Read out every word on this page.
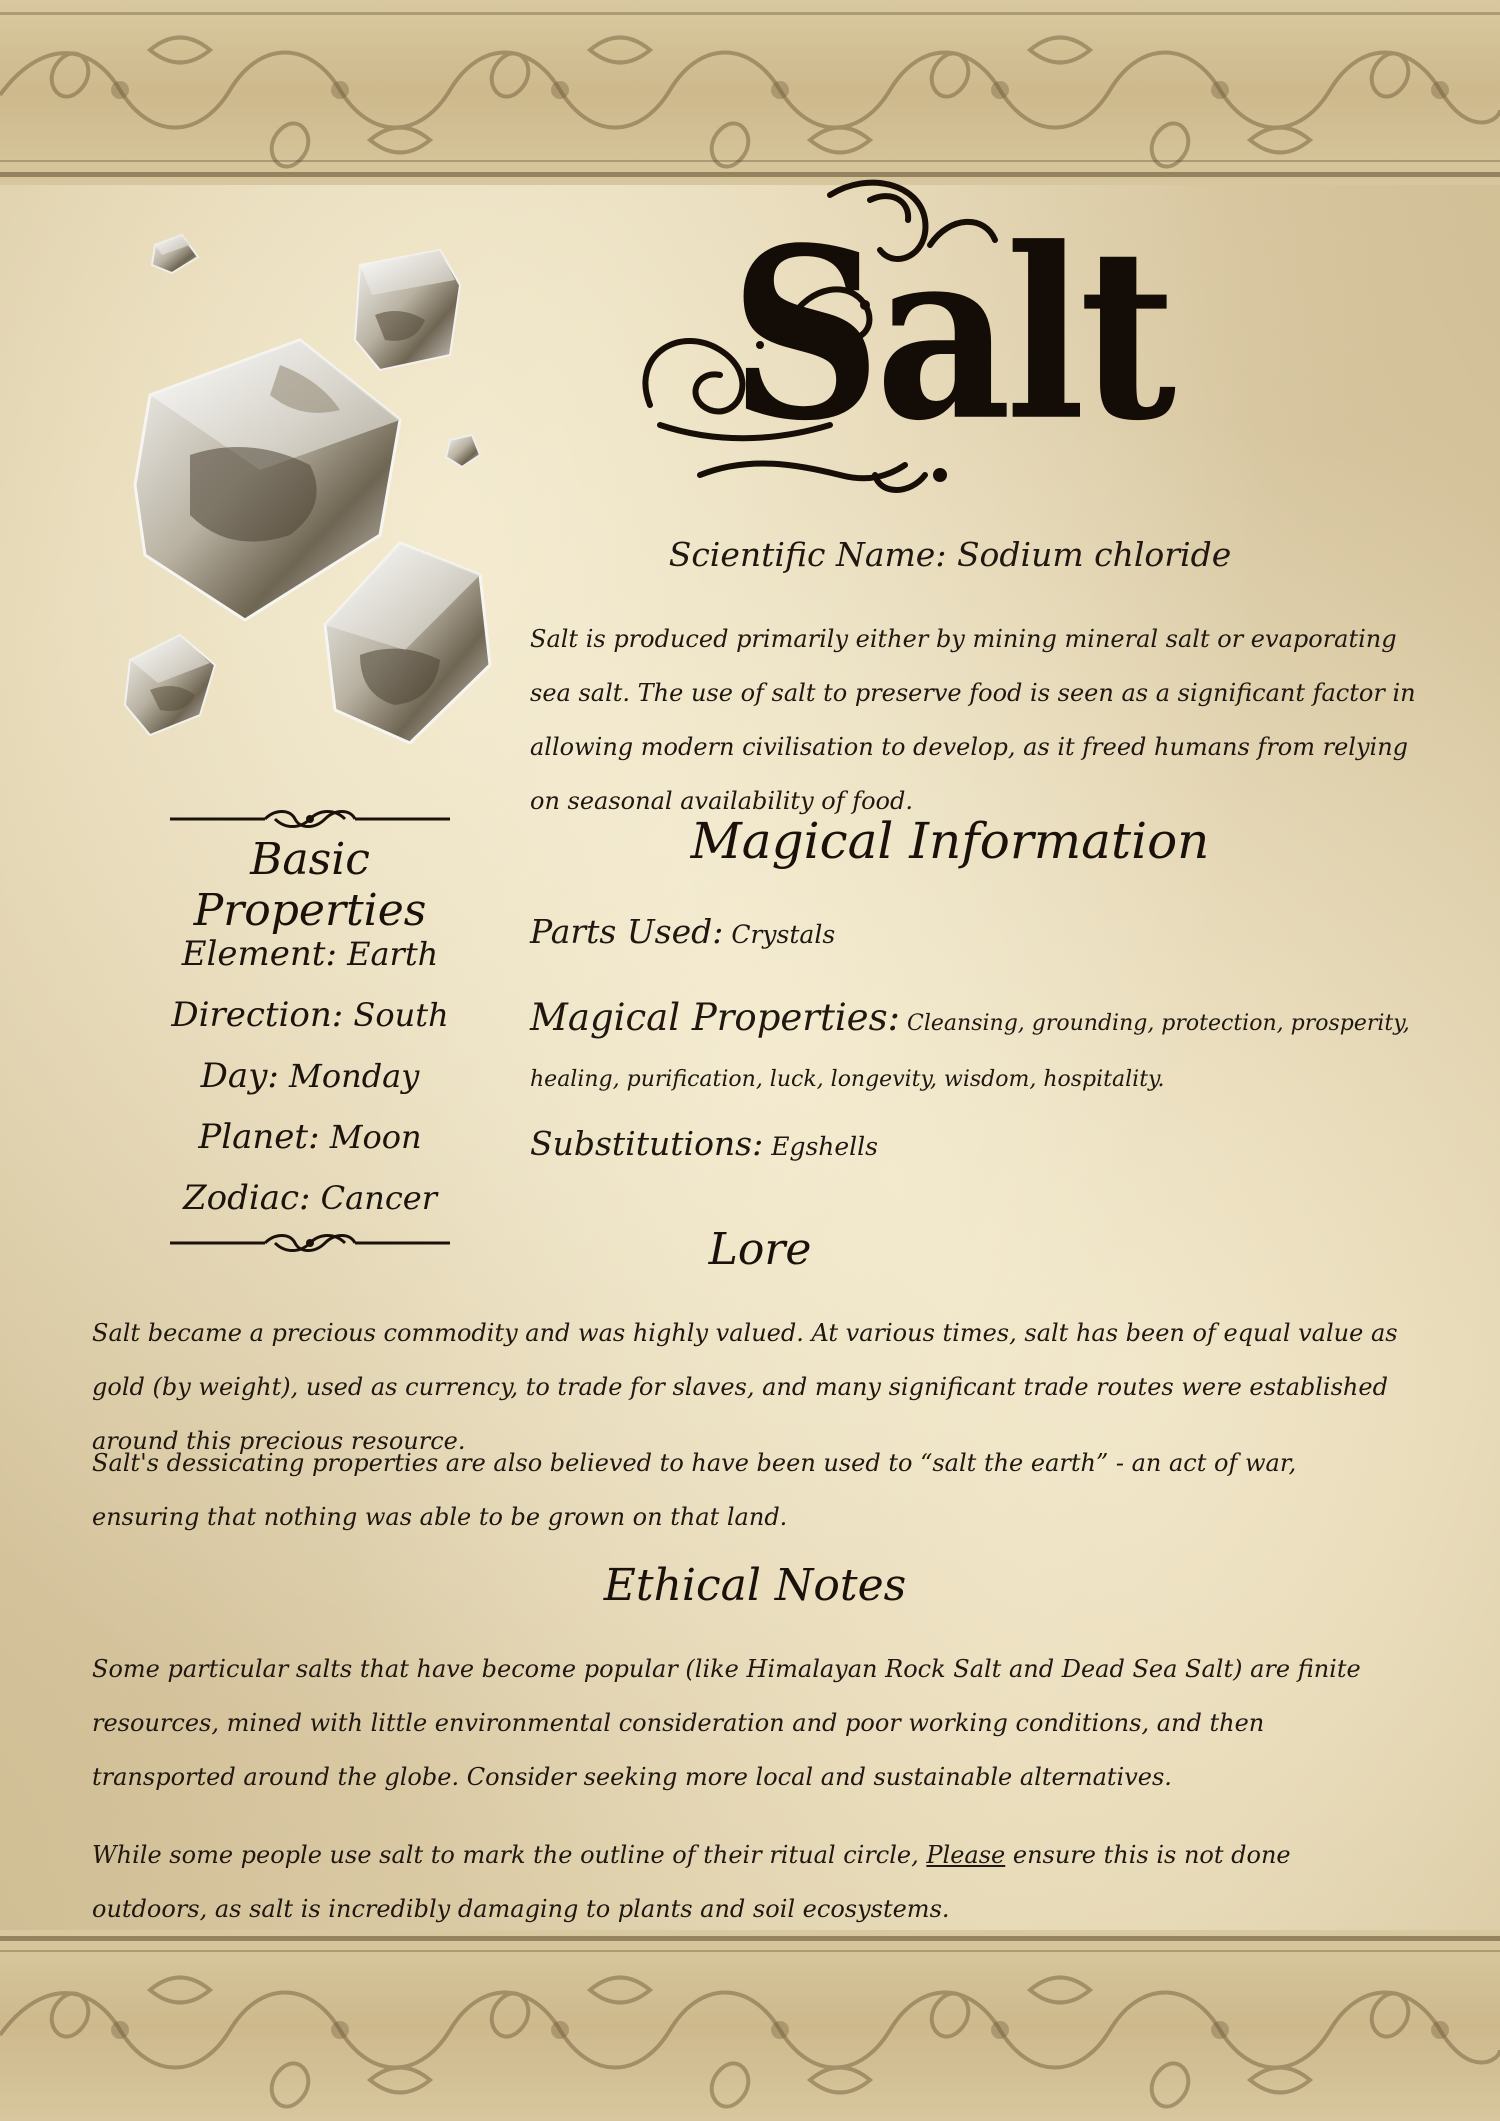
Salt
Scientific Name: Sodium chloride
Salt is produced primarily either by mining mineral salt or evaporating sea salt. The use of salt to preserve food is seen as a significant factor in allowing modern civilisation to develop, as it freed humans from relying on seasonal availability of food.
Basic Properties
Element: Earth
Direction: South
Day: Monday
Planet: Moon
Zodiac: Cancer
Magical Information
Parts Used: Crystals
Magical Properties: Cleansing, grounding, protection, prosperity, healing, purification, luck, longevity, wisdom, hospitality.
Substitutions: Egshells
Lore
Salt became a precious commodity and was highly valued. At various times, salt has been of equal value as gold (by weight), used as currency, to trade for slaves, and many significant trade routes were established around this precious resource.
Salt's dessicating properties are also believed to have been used to “salt the earth” - an act of war, ensuring that nothing was able to be grown on that land.
Ethical Notes
Some particular salts that have become popular (like Himalayan Rock Salt and Dead Sea Salt) are finite resources, mined with little environmental consideration and poor working conditions, and then transported around the globe. Consider seeking more local and sustainable alternatives.
While some people use salt to mark the outline of their ritual circle, Please ensure this is not done outdoors, as salt is incredibly damaging to plants and soil ecosystems.
